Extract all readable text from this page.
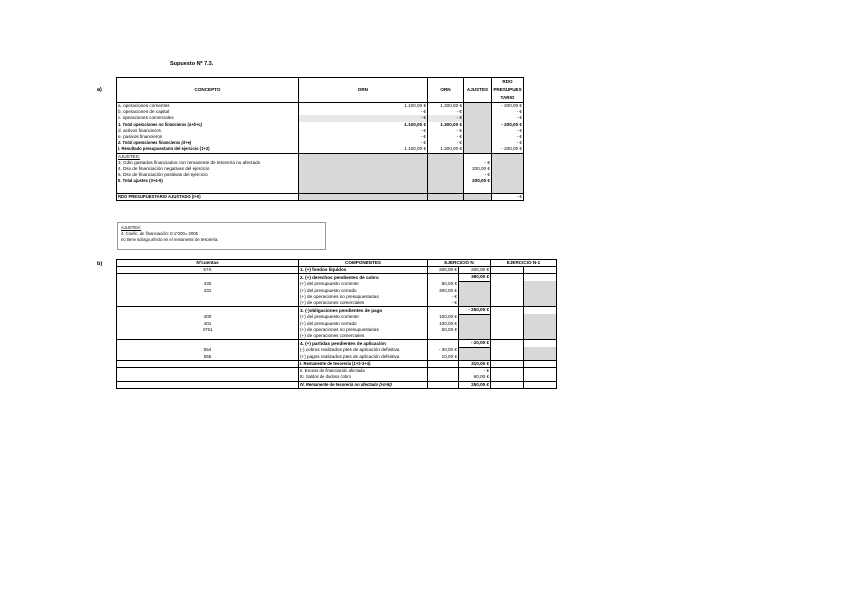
Supuesto Nº 7.3.
a)
b)
CONCEPTO	DRN	ORN	AJUSTES	RDO PRESUPUES TARIO
a. operaciones corrientes	1.100,00 €	1.300,00 €		- 200,00 €
b. operaciones de capital	- €	- €		- €
c. operaciones comerciales	- €	- €		- €
1. Total operaciones no financieras (a+b+c)	1.100,00 €	1.300,00 €		- 200,00 €
d. activos financieros	- €	- €		- €
e. pasivos financieros	- €	- €		- €
2. Total operaciones financieras (d+e)	- €	- €		- €
I. Resultado presupuestario del ejercicio (1+2)	1.100,00 €	1.300,00 €		- 200,00 €
AJUSTES:				
3. Cdto gastados financiados con remanente de tesorería no afectado			- €	
4. Dsv de financiación negativas del ejercicio			200,00 €	
5. Dsv de financiación positivas del ejercicio			- €	
II. Total ajustes (3+4-5)			200,00 €	

RDO PRESUPUESTARIO AJUSTADO (I+II)				- €
AJUSTES:
4. Coefic. de financiación: 0-1*200=-200€
no tiene sobrga afecto en el remanente de tesorería.
Nºcuentas	COMPONENTES	EJERCICIO N		EJERCICIO N-1	
57X	1. (+) fondos líquidos	200,00 €	200,00 €		
	2. (+) derechos pendientes de cobro		380,00 €		
430	(+) del presupuesto corriente	80,00 €			
431	(+) del presupuesto cerrado	300,00 €			
	(+) de operaciones no presupuestarias	- €			
	(+) de operaciones comerciales	- €			
	3. (-)obligaciones pendientes de pago		- 250,00 €		
400	(+) del presupuesto corriente	100,00 €			
401	(+) del presupuesto cerrado	100,00 €			
4751	(+) de operaciones no presupuestarias	50,00 €			
	(+) de operaciones comerciales				
	4. (+) partidas pendientes de aplicación		- 20,00 €		
554	(-) cobros realizados ptes de aplicación definitiva	- 30,00 €			
555	(+) pagos realizados ptes de aplicación definitiva	10,00 €			
	I. Remanente de tesorería (1+2-3+4)		310,00 €		
	II. Exceso de financiación afectada		- €		
	III. Saldos de dudoso cobro		60,00 €		
	IV. Remanente de tesorería no afectado (I-II-III)		250,00 €		
